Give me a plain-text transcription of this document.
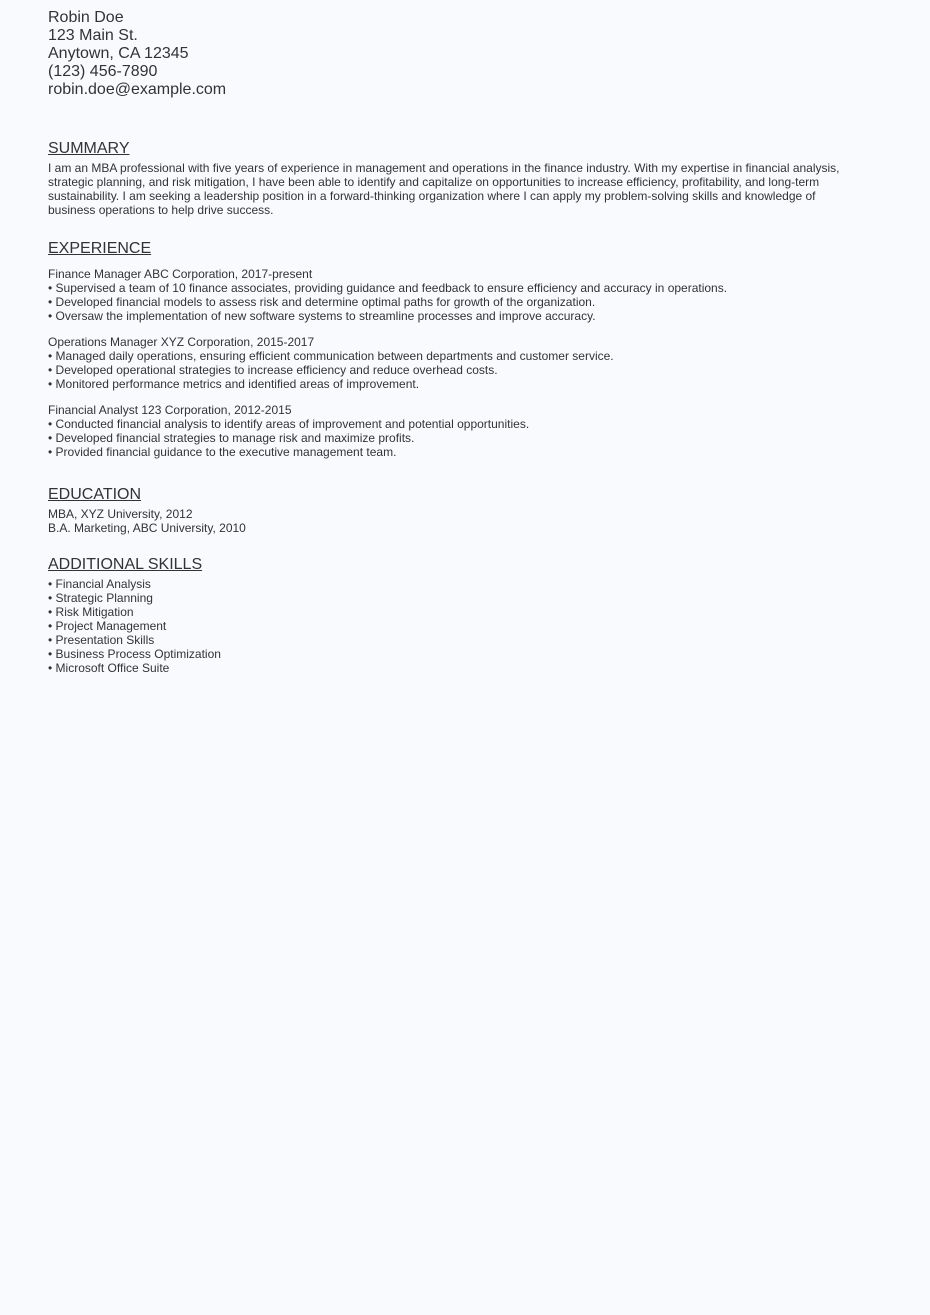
Robin Doe
123 Main St.
Anytown, CA 12345
(123) 456-7890
robin.doe@example.com
SUMMARY
I am an MBA professional with five years of experience in management and operations in the finance industry. With my expertise in financial analysis, strategic planning, and risk mitigation, I have been able to identify and capitalize on opportunities to increase efficiency, profitability, and long-term sustainability. I am seeking a leadership position in a forward-thinking organization where I can apply my problem-solving skills and knowledge of business operations to help drive success.
EXPERIENCE
Finance Manager ABC Corporation, 2017-present
• Supervised a team of 10 finance associates, providing guidance and feedback to ensure efficiency and accuracy in operations.
• Developed financial models to assess risk and determine optimal paths for growth of the organization.
• Oversaw the implementation of new software systems to streamline processes and improve accuracy.
Operations Manager XYZ Corporation, 2015-2017
• Managed daily operations, ensuring efficient communication between departments and customer service.
• Developed operational strategies to increase efficiency and reduce overhead costs.
• Monitored performance metrics and identified areas of improvement.
Financial Analyst 123 Corporation, 2012-2015
• Conducted financial analysis to identify areas of improvement and potential opportunities.
• Developed financial strategies to manage risk and maximize profits.
• Provided financial guidance to the executive management team.
EDUCATION
MBA, XYZ University, 2012
B.A. Marketing, ABC University, 2010
ADDITIONAL SKILLS
• Financial Analysis
• Strategic Planning
• Risk Mitigation
• Project Management
• Presentation Skills
• Business Process Optimization
• Microsoft Office Suite
